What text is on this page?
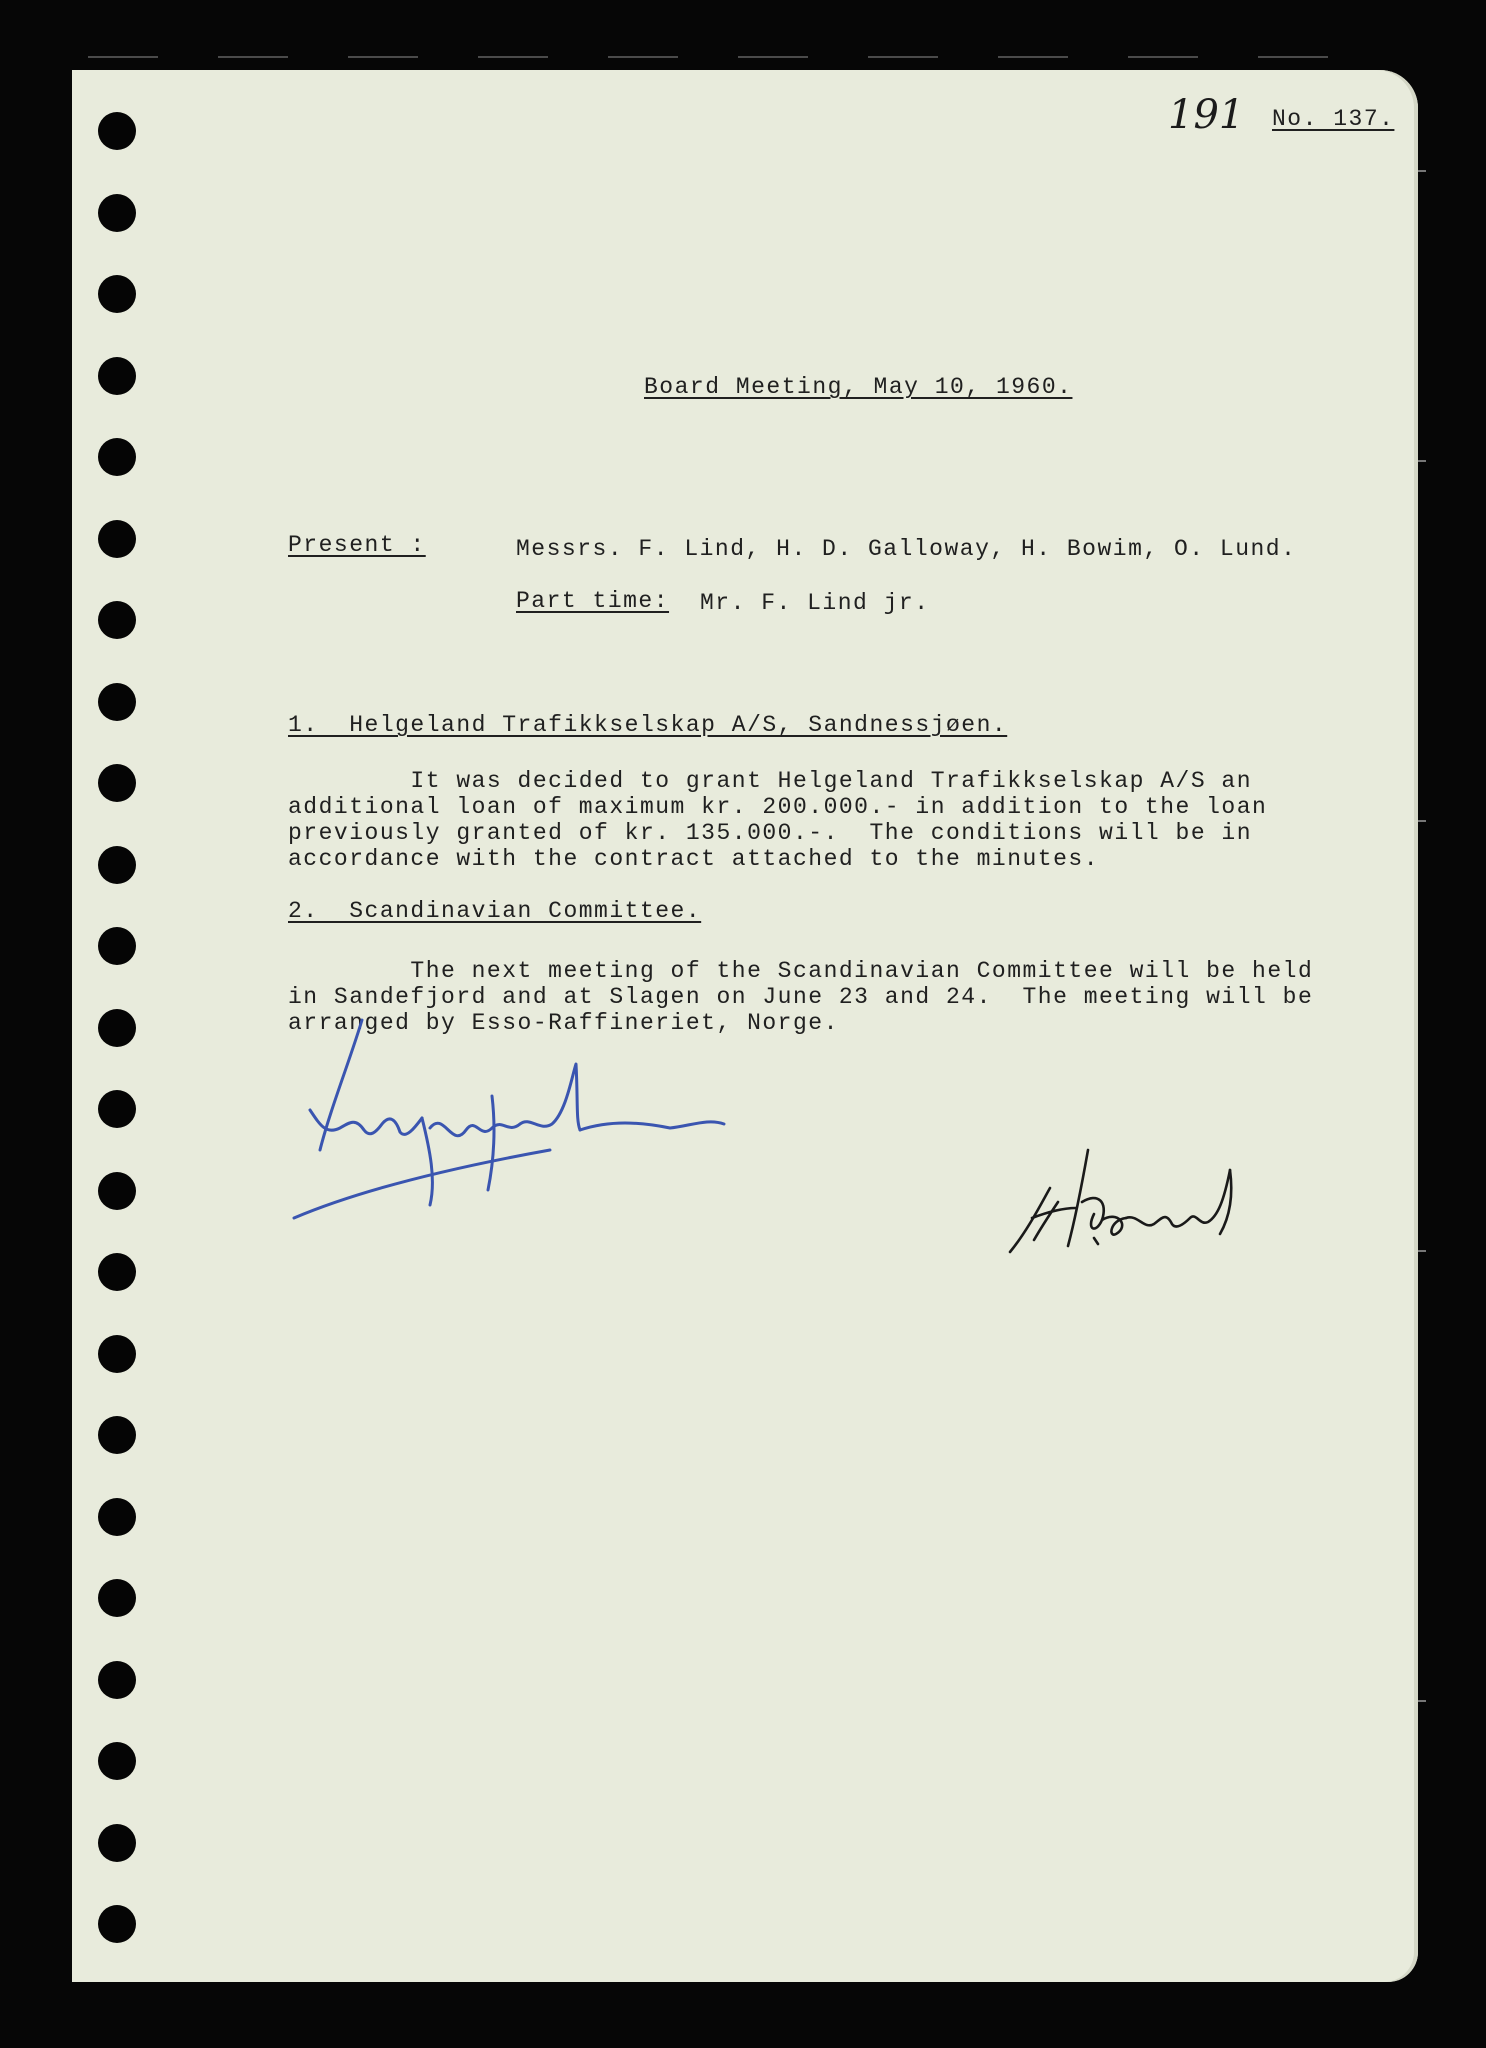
191 No. 137.
Board Meeting, May 10, 1960.
Present :	Messrs. F. Lind, H. D. Galloway, H. Bowim, O. Lund.
Part time: Mr. F. Lind jr.
1.  Helgeland Trafikkselskap A/S, Sandnessjøen.
It was decided to grant Helgeland Trafikkselskap A/S an
additional loan of maximum kr. 200.000.- in addition to the loan
previously granted of kr. 135.000.-.  The conditions will be in
accordance with the contract attached to the minutes.
2.  Scandinavian Committee.
The next meeting of the Scandinavian Committee will be held
in Sandefjord and at Slagen on June 23 and 24.  The meeting will be
arranged by Esso-Raffineriet, Norge.
